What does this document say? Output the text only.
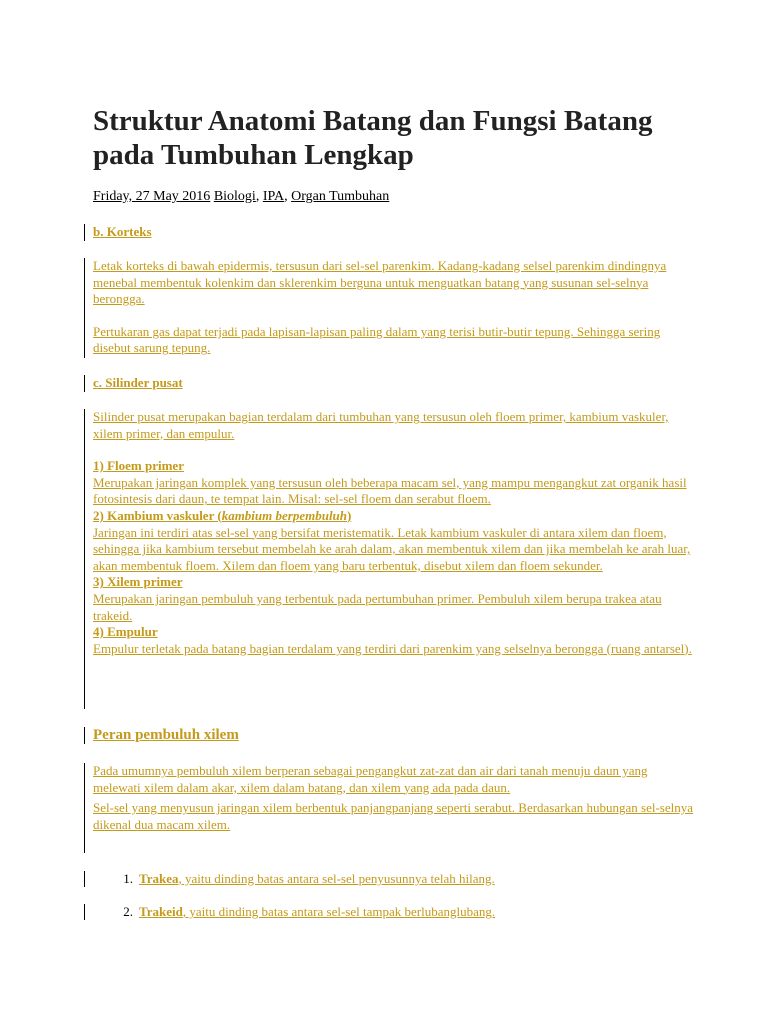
Struktur Anatomi Batang dan Fungsi Batang pada Tumbuhan Lengkap
Friday, 27 May 2016 Biologi, IPA, Organ Tumbuhan
b. Korteks

Letak korteks di bawah epidermis, tersusun dari sel-sel parenkim. Kadang-kadang selsel parenkim dindingnya menebal membentuk kolenkim dan sklerenkim berguna untuk menguatkan batang yang susunan sel-selnya berongga.

Pertukaran gas dapat terjadi pada lapisan-lapisan paling dalam yang terisi butir-butir tepung. Sehingga sering disebut sarung tepung.

c. Silinder pusat

Silinder pusat merupakan bagian terdalam dari tumbuhan yang tersusun oleh floem primer, kambium vaskuler, xilem primer, dan empulur.

1) Floem primer

Merupakan jaringan komplek yang tersusun oleh beberapa macam sel, yang mampu mengangkut zat organik hasil fotosintesis dari daun, te tempat lain. Misal: sel-sel floem dan serabut floem.

2) Kambium vaskuler (kambium berpembuluh)

Jaringan ini terdiri atas sel-sel yang bersifat meristematik. Letak kambium vaskuler di antara xilem dan floem, sehingga jika kambium tersebut membelah ke arah dalam, akan membentuk xilem dan jika membelah ke arah luar, akan membentuk floem. Xilem dan floem yang baru terbentuk, disebut xilem dan floem sekunder.

3) Xilem primer

Merupakan jaringan pembuluh yang terbentuk pada pertumbuhan primer. Pembuluh xilem berupa trakea atau trakeid.

4) Empulur

Empulur terletak pada batang bagian terdalam yang terdiri dari parenkim yang selselnya berongga (ruang antarsel).

Peran pembuluh xilem

Pada umumnya pembuluh xilem berperan sebagai pengangkut zat-zat dan air dari tanah menuju daun yang melewati xilem dalam akar, xilem dalam batang, dan xilem yang ada pada daun.

Sel-sel yang menyusun jaringan xilem berbentuk panjangpanjang seperti serabut. Berdasarkan hubungan sel-selnya dikenal dua macam xilem.

1. Trakea, yaitu dinding batas antara sel-sel penyusunnya telah hilang.
2. Trakeid, yaitu dinding batas antara sel-sel tampak berlubanglubang.
